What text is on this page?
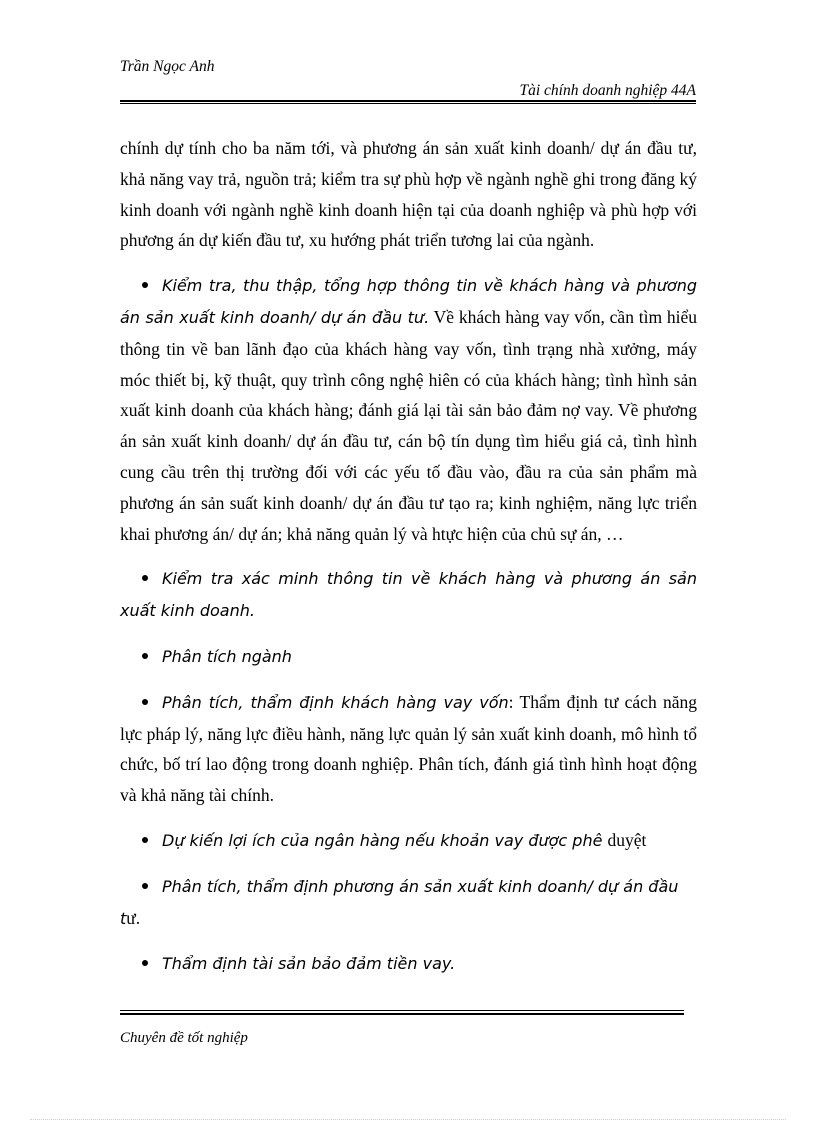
Trần Ngọc Anh
Tài chính doanh nghiệp 44A

chính dự tính cho ba năm tới, và phương án sản xuất kinh doanh/ dự án đầu tư, khả năng vay trả, nguồn trả; kiểm tra sự phù hợp về ngành nghề ghi trong đăng ký kinh doanh với ngành nghề kinh doanh hiện tại của doanh nghiệp và phù hợp với phương án dự kiến đầu tư, xu hướng phát triển tương lai của ngành.

Kiểm tra, thu thập, tổng hợp thông tin về khách hàng và phương án sản xuất kinh doanh/ dự án đầu tư. Về khách hàng vay vốn, cần tìm hiểu thông tin về ban lãnh đạo của khách hàng vay vốn, tình trạng nhà xưởng, máy móc thiết bị, kỹ thuật, quy trình công nghệ hiên có của khách hàng; tình hình sản xuất kinh doanh của khách hàng; đánh giá lại tài sản bảo đảm nợ vay. Về phương án sản xuất kinh doanh/ dự án đầu tư, cán bộ tín dụng tìm hiểu giá cả, tình hình cung cầu trên thị trường đối với các yếu tố đầu vào, đầu ra của sản phẩm mà phương án sản suất kinh doanh/ dự án đầu tư tạo ra; kinh nghiệm, năng lực triển khai phương án/ dự án; khả năng quản lý và htực hiện của chủ sự án, …

Kiểm tra xác minh thông tin về khách hàng và phương án sản xuất kinh doanh.

Phân tích ngành

Phân tích, thẩm định khách hàng vay vốn: Thẩm định tư cách năng lực pháp lý, năng lực điều hành, năng lực quản lý sản xuất kinh doanh, mô hình tổ chức, bố trí lao động trong doanh nghiệp. Phân tích, đánh giá tình hình hoạt động và khả năng tài chính.

Dự kiến lợi ích của ngân hàng nếu khoản vay được phê duyệt

Phân tích, thẩm định phương án sản xuất kinh doanh/ dự án đầu tư.

Thẩm định tài sản bảo đảm tiền vay.

Chuyên đề tốt nghiệp
